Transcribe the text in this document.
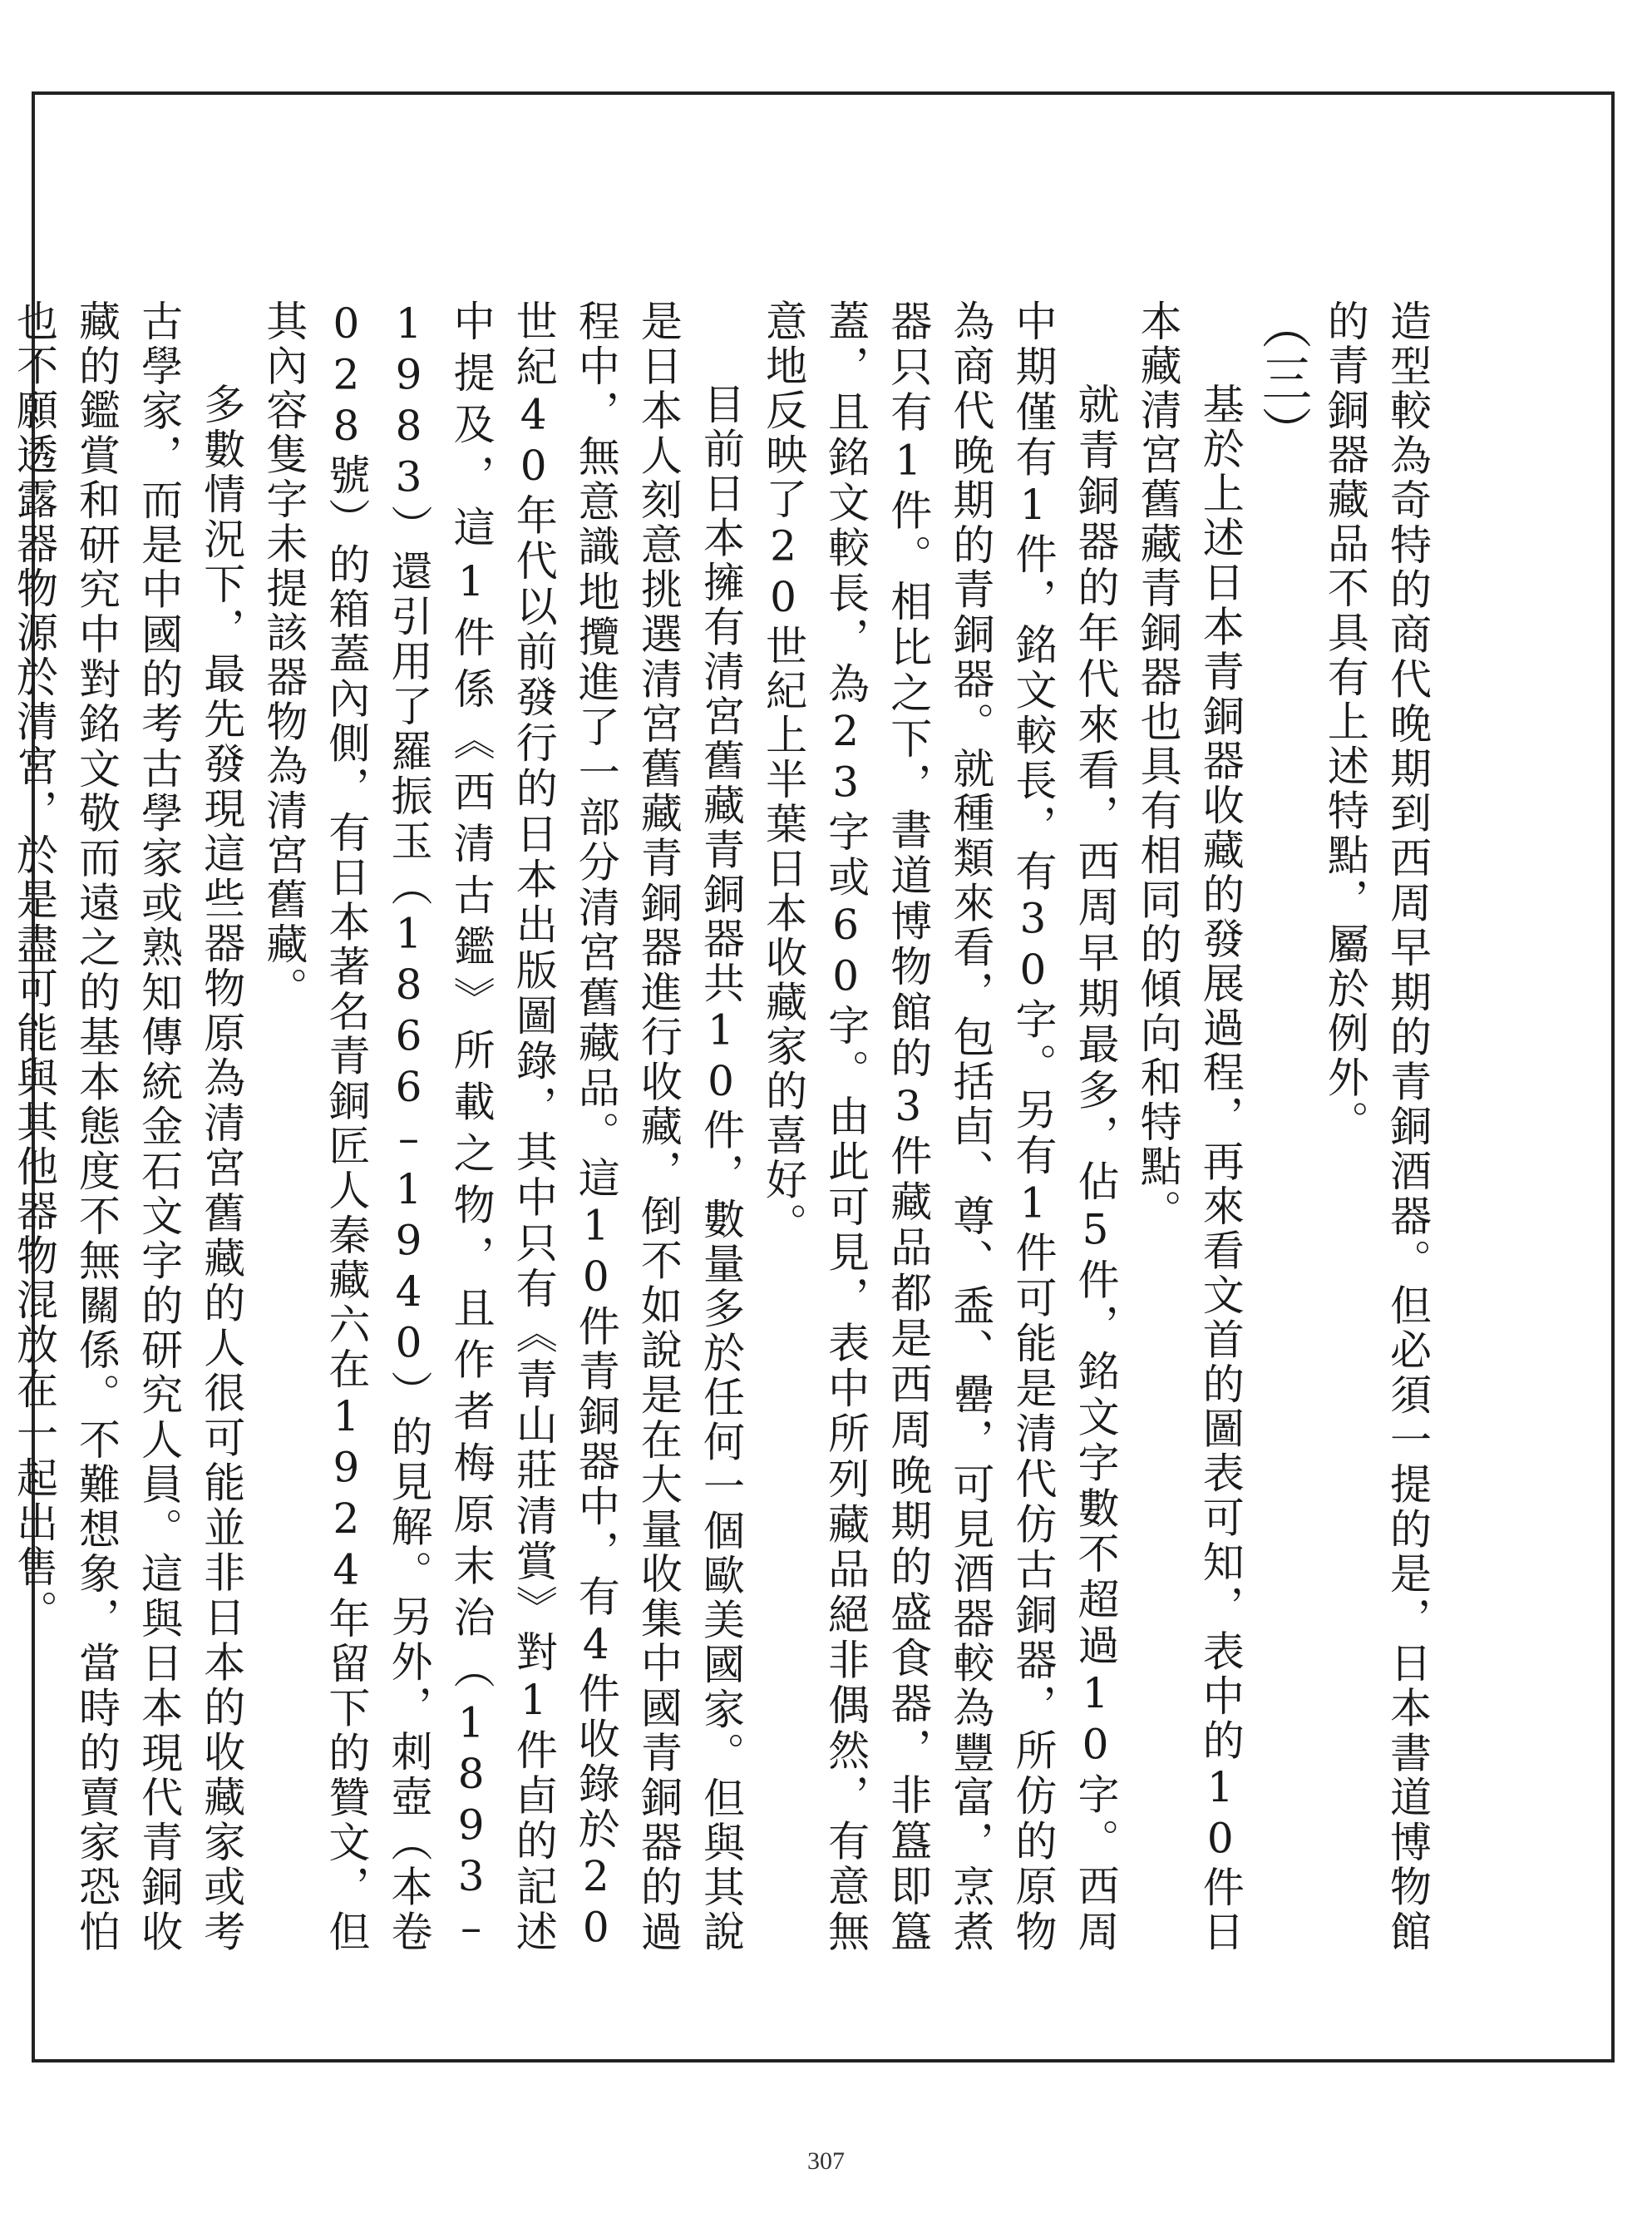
造型較為奇特的商代晚期到西周早期的青銅酒器。但必須一提的是，日本書道博物館的青銅器藏品不具有上述特點，屬於例外。

（三）

基於上述日本青銅器收藏的發展過程，再來看文首的圖表可知，表中的10件日本藏清宮舊藏青銅器也具有相同的傾向和特點。

就青銅器的年代來看，西周早期最多，佔5件，銘文字數不超過10字。西周中期僅有1件，銘文較長，有30字。另有1件可能是清代仿古銅器，所仿的原物為商代晚期的青銅器。就種類來看，包括卣、尊、盉、罍，可見酒器較為豐富，烹煮器只有1件。相比之下，書道博物館的3件藏品都是西周晚期的盛食器，非簋即簋蓋，且銘文較長，為23字或60字。由此可見，表中所列藏品絕非偶然，有意無意地反映了20世紀上半葉日本收藏家的喜好。

目前日本擁有清宮舊藏青銅器共10件，數量多於任何一個歐美國家。但與其說是日本人刻意挑選清宮舊藏青銅器進行收藏，倒不如說是在大量收集中國青銅器的過程中，無意識地攬進了一部分清宮舊藏品。這10件青銅器中，有4件收錄於20世紀40年代以前發行的日本出版圖錄，其中只有《青山莊清賞》對1件卣的記述中提及，這1件係《西清古鑑》所載之物，且作者梅原末治（1893–1983）還引用了羅振玉（1866–1940）的見解。另外，刺壺（本卷028號）的箱蓋內側，有日本著名青銅匠人秦藏六在1924年留下的贊文，但其內容隻字未提該器物為清宮舊藏。

多數情況下，最先發現這些器物原為清宮舊藏的人很可能並非日本的收藏家或考古學家，而是中國的考古學家或熟知傳統金石文字的研究人員。這與日本現代青銅收藏的鑑賞和研究中對銘文敬而遠之的基本態度不無關係。不難想象，當時的賣家恐怕也不願透露器物源於清宮，於是盡可能與其他器物混放在一起出售。

307
